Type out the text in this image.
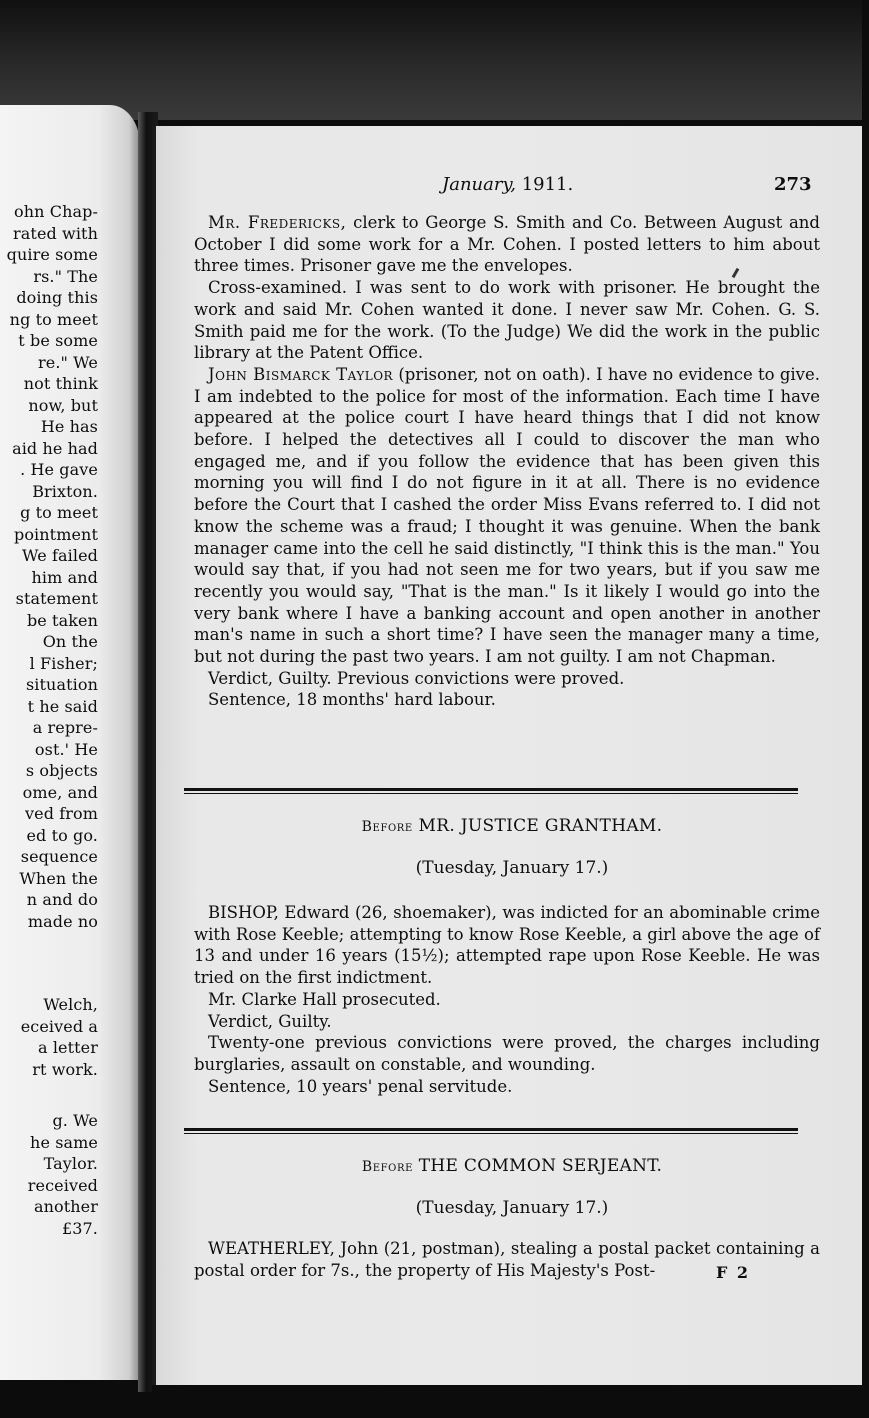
ohn Chap-
rated with
quire some
rs." The
doing this
ng to meet
t be some
re." We
not think
now, but
He has
aid he had
. He gave
Brixton.
g to meet
pointment
We failed
him and
statement
be taken
On the
l Fisher;
situation
t he said
a repre-
ost.' He
s objects
ome, and
ved from
ed to go.
sequence
When the
n and do
made no
Welch,
eceived a
a letter
rt work.
g. We
he same
Taylor.
received
another
£37.
January, 1911.	273

Mr. Fredericks, clerk to George S. Smith and Co. Between August and October I did some work for a Mr. Cohen. I posted letters to him about three times. Prisoner gave me the envelopes.

Cross-examined. I was sent to do work with prisoner. He brought the work and said Mr. Cohen wanted it done. I never saw Mr. Cohen. G. S. Smith paid me for the work. (To the Judge) We did the work in the public library at the Patent Office.

John Bismarck Taylor (prisoner, not on oath). I have no evidence to give. I am indebted to the police for most of the information. Each time I have appeared at the police court I have heard things that I did not know before. I helped the detectives all I could to discover the man who engaged me, and if you follow the evidence that has been given this morning you will find I do not figure in it at all. There is no evidence before the Court that I cashed the order Miss Evans referred to. I did not know the scheme was a fraud; I thought it was genuine. When the bank manager came into the cell he said distinctly, "I think this is the man." You would say that, if you had not seen me for two years, but if you saw me recently you would say, "That is the man." Is it likely I would go into the very bank where I have a banking account and open another in another man's name in such a short time? I have seen the manager many a time, but not during the past two years. I am not guilty. I am not Chapman.

Verdict, Guilty. Previous convictions were proved.

Sentence, 18 months' hard labour.

Before MR. JUSTICE GRANTHAM.
(Tuesday, January 17.)

BISHOP, Edward (26, shoemaker), was indicted for an abominable crime with Rose Keeble; attempting to know Rose Keeble, a girl above the age of 13 and under 16 years (15½); attempted rape upon Rose Keeble. He was tried on the first indictment.

Mr. Clarke Hall prosecuted.

Verdict, Guilty.

Twenty-one previous convictions were proved, the charges including burglaries, assault on constable, and wounding.

Sentence, 10 years' penal servitude.

Before THE COMMON SERJEANT.
(Tuesday, January 17.)

WEATHERLEY, John (21, postman), stealing a postal packet containing a postal order for 7s., the property of His Majesty's Post-	F 2
